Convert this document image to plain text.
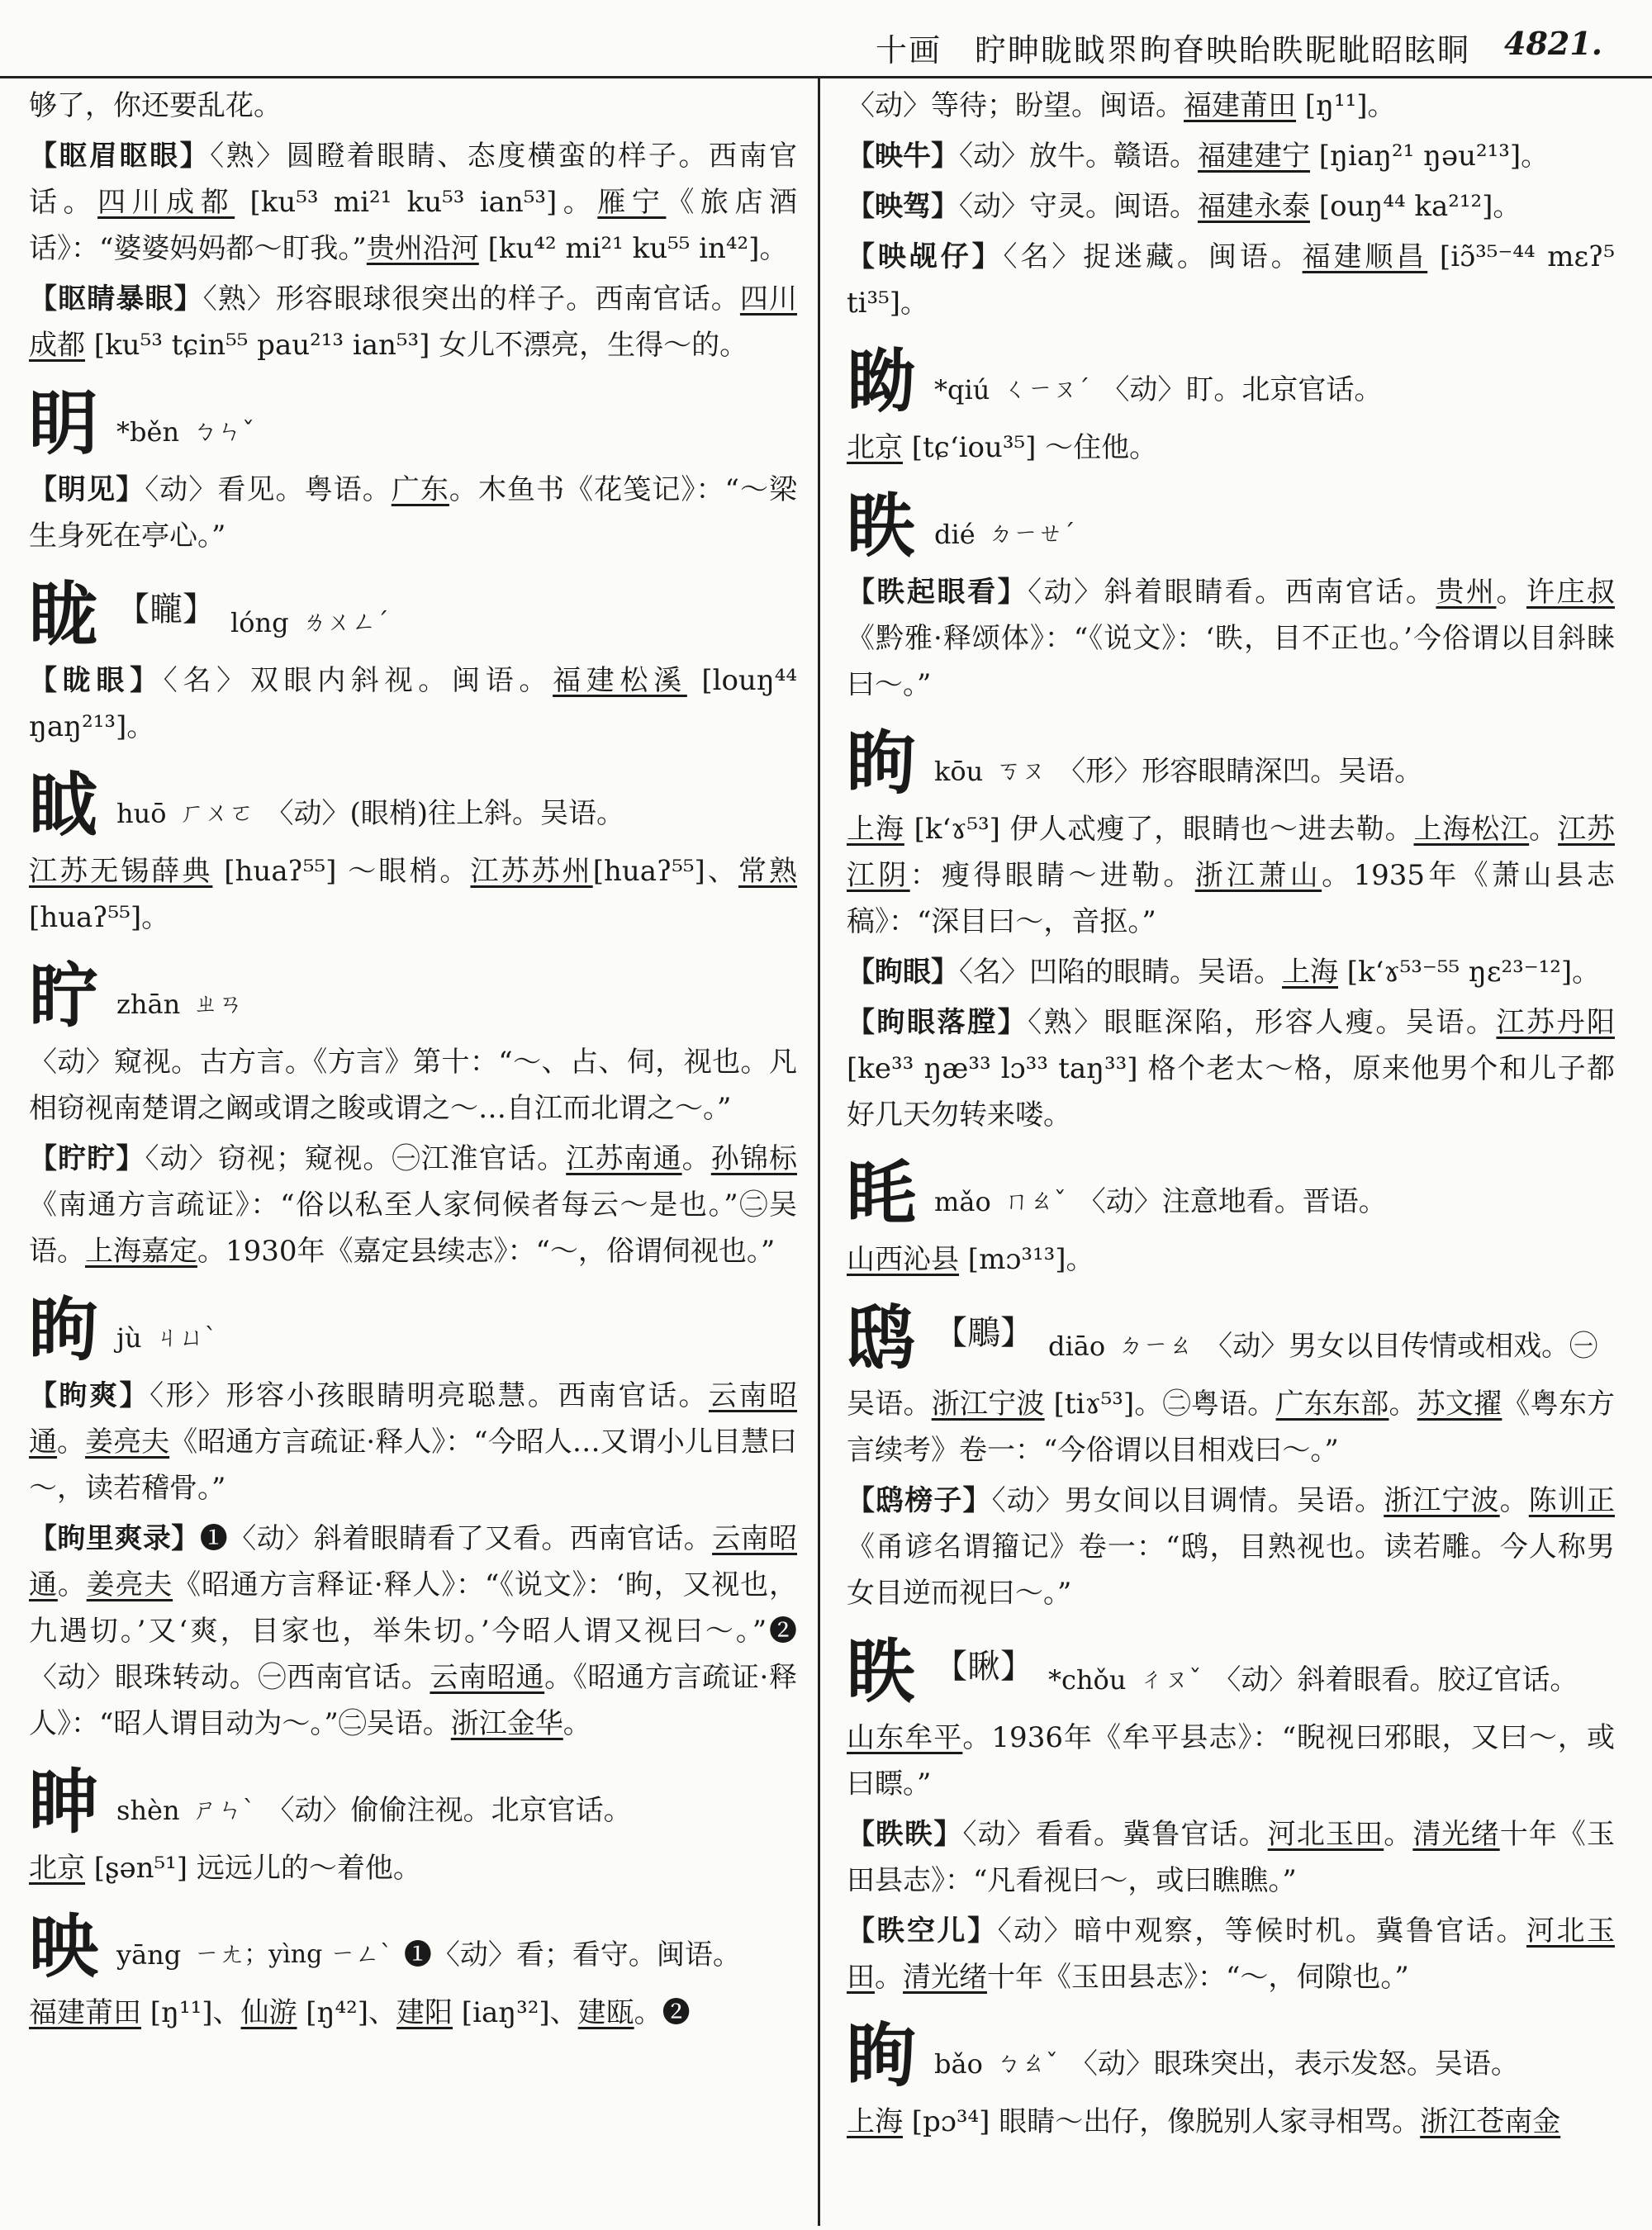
十画　眝眒眬眓眔眗眘映眙眣眤眦眧眩眮 4821.

够了，你还要乱花。

【眍眉眍眼】〈熟〉圆瞪着眼睛、态度横蛮的样子。西南官话。四川成都 [ku⁵³ mi²¹ ku⁵³ ian⁵³]。雁宁《旅店酒话》：“婆婆妈妈都～盯我。”贵州沿河 [ku⁴² mi²¹ ku⁵⁵ in⁴²]。

【眍睛暴眼】〈熟〉形容眼球很突出的样子。西南官话。四川成都 [ku⁵³ tɕin⁵⁵ pau²¹³ ian⁵³] 女儿不漂亮，生得～的。

眀 *běn ㄅㄣˇ

【眀见】〈动〉看见。粤语。广东。木鱼书《花笺记》：“～梁生身死在亭心。”

眬 【矓】 lóng ㄌㄨㄥˊ

【眬眼】〈名〉双眼内斜视。闽语。福建松溪 [louŋ⁴⁴ ŋaŋ²¹³]。

眓 huō ㄏㄨㄛ 〈动〉(眼梢)往上斜。吴语。

江苏无锡薛典 [huaʔ⁵⁵] ～眼梢。江苏苏州[huaʔ⁵⁵]、常熟 [huaʔ⁵⁵]。

眝 zhān ㄓㄢ

〈动〉窥视。古方言。《方言》第十：“～、占、伺，视也。凡相窃视南楚谓之阚或谓之睃或谓之～…自江而北谓之～。”

【眝眝】〈动〉窃视；窥视。㊀江淮官话。江苏南通。孙锦标《南通方言疏证》：“俗以私至人家伺候者每云～是也。”㊁吴语。上海嘉定。1930年《嘉定县续志》：“～，俗谓伺视也。”

眗 jù ㄐㄩˋ

【眗爽】〈形〉形容小孩眼睛明亮聪慧。西南官话。云南昭通。姜亮夫《昭通方言疏证·释人》：“今昭人…又谓小儿目慧曰～，读若稽骨。”

【眗里爽录】❶〈动〉斜着眼睛看了又看。西南官话。云南昭通。姜亮夫《昭通方言释证·释人》：“《说文》：‘眗，又视也，九遇切。’又‘爽，目家也，举朱切。’今昭人谓又视曰～。”❷〈动〉眼珠转动。㊀西南官话。云南昭通。《昭通方言疏证·释人》：“昭人谓目动为～。”㊁吴语。浙江金华。

眒 shèn ㄕㄣˋ 〈动〉偷偷注视。北京官话。

北京 [ʂən⁵¹] 远远儿的～着他。

映 yāng ㄧㄤ；yìng ㄧㄥˋ ❶〈动〉看；看守。闽语。

福建莆田 [ŋ¹¹]、仙游 [ŋ⁴²]、建阳 [iaŋ³²]、建瓯。❷

〈动〉等待；盼望。闽语。福建莆田 [ŋ¹¹]。

【映牛】〈动〉放牛。赣语。福建建宁 [ŋiaŋ²¹ ŋəu²¹³]。

【映驾】〈动〉守灵。闽语。福建永泰 [ouŋ⁴⁴ ka²¹²]。

【映觇仔】〈名〉捉迷藏。闽语。福建顺昌 [iɔ̃³⁵⁻⁴⁴ mɛʔ⁵ ti³⁵]。

眑 *qiú ㄑㄧㄡˊ 〈动〉盯。北京官话。

北京 [tɕʻiou³⁵] ～住他。

眣 dié ㄉㄧㄝˊ

【眣起眼看】〈动〉斜着眼睛看。西南官话。贵州。许庄叔《黔雅·释颂体》：“《说文》：‘眣，目不正也。’今俗谓以目斜睐曰～。”

眗 kōu ㄎㄡ 〈形〉形容眼睛深凹。吴语。

上海 [kʻɤ⁵³] 伊人忒瘦了，眼睛也～进去勒。上海松江。江苏江阴：瘦得眼睛～进勒。浙江萧山。1935年《萧山县志稿》：“深目曰～，音抠。”

【眗眼】〈名〉凹陷的眼睛。吴语。上海 [kʻɤ⁵³⁻⁵⁵ ŋɛ²³⁻¹²]。

【眗眼落膛】〈熟〉眼眶深陷，形容人瘦。吴语。江苏丹阳 [ke³³ ŋæ³³ lɔ³³ taŋ³³] 格个老太～格，原来他男个和儿子都好几天勿转来喽。

眊 mǎo ㄇㄠˇ 〈动〉注意地看。晋语。

山西沁县 [mɔ³¹³]。

鸱 【鵰】 diāo ㄉㄧㄠ 〈动〉男女以目传情或相戏。㊀

吴语。浙江宁波 [tiɤ⁵³]。㊁粤语。广东东部。苏文擢《粤东方言续考》卷一：“今俗谓以目相戏曰～。”

【鸱榜子】〈动〉男女间以目调情。吴语。浙江宁波。陈训正《甬谚名谓籀记》卷一：“鸱，目熟视也。读若雕。今人称男女目逆而视曰～。”

眣 【瞅】 *chǒu ㄔㄡˇ 〈动〉斜着眼看。胶辽官话。

山东牟平。1936年《牟平县志》：“睨视曰邪眼，又曰～，或曰瞟。”

【眣眣】〈动〉看看。冀鲁官话。河北玉田。清光绪十年《玉田县志》：“凡看视曰～，或曰瞧瞧。”

【眣空儿】〈动〉暗中观察，等候时机。冀鲁官话。河北玉田。清光绪十年《玉田县志》：“～，伺隙也。”

眴 bǎo ㄅㄠˇ 〈动〉眼珠突出，表示发怒。吴语。

上海 [pɔ³⁴] 眼睛～出仔，像脱别人家寻相骂。浙江苍南金
